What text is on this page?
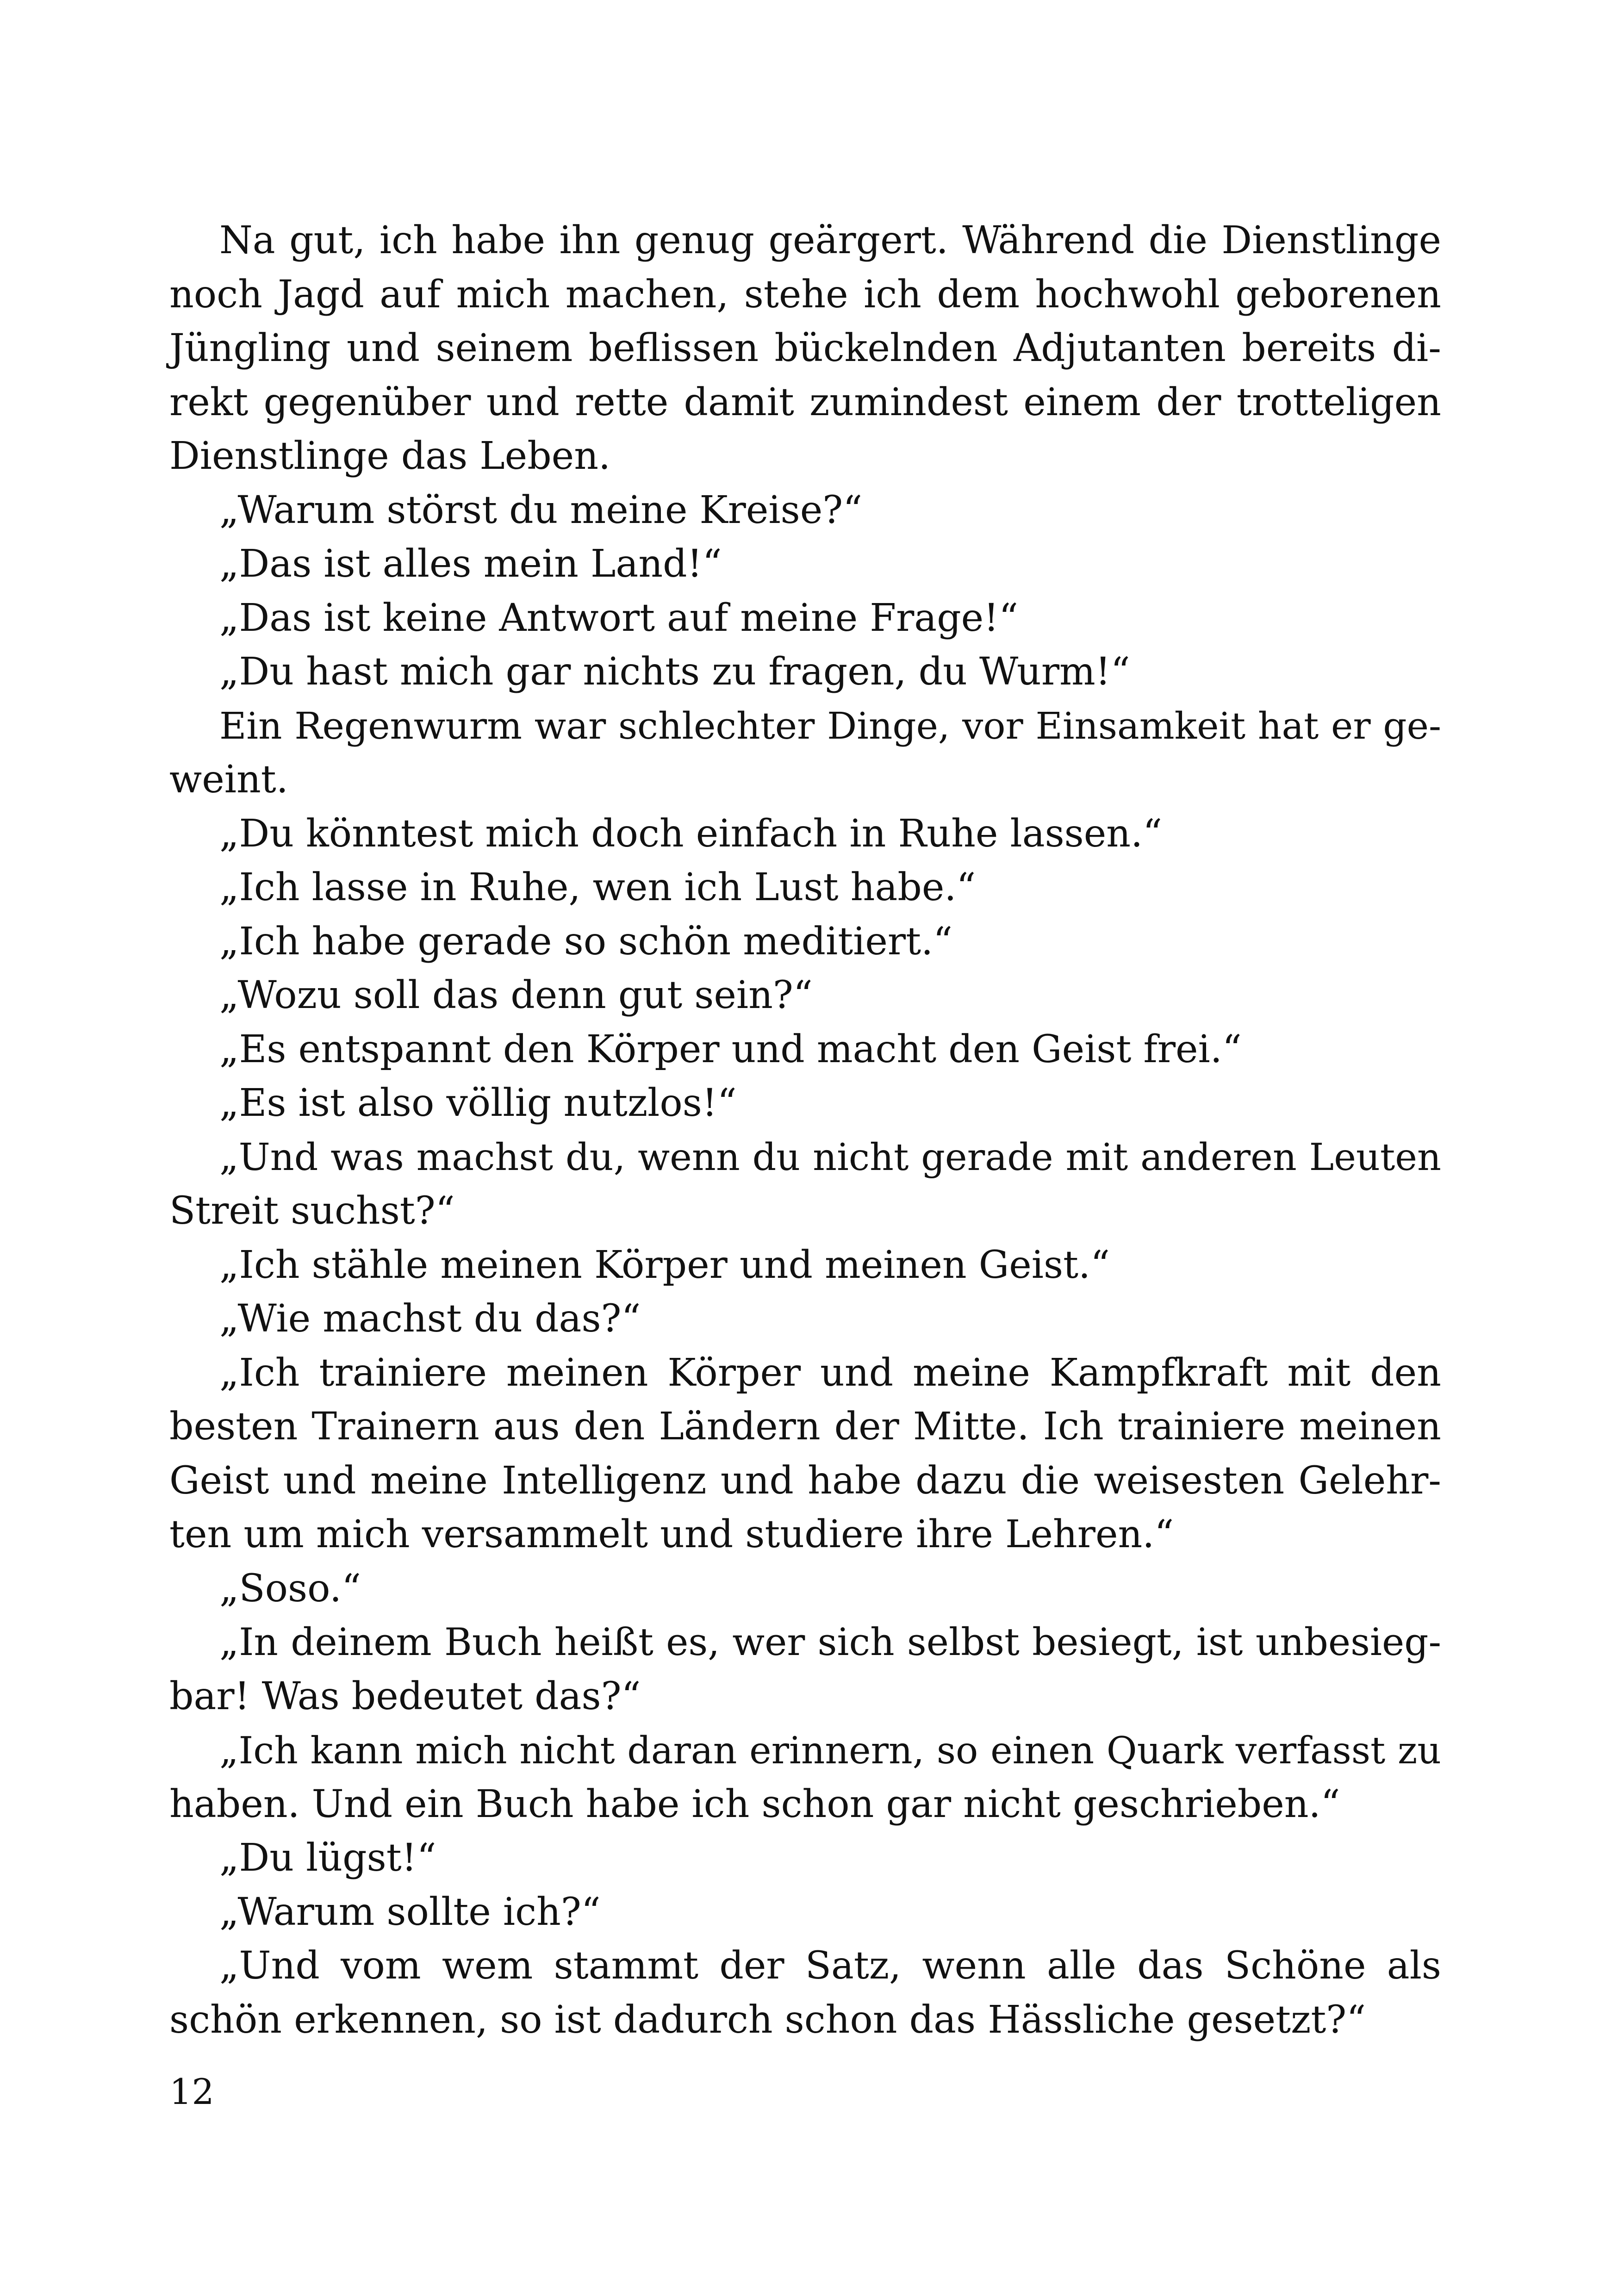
Na gut, ich habe ihn genug geärgert. Während die Dienstlinge
noch Jagd auf mich machen, stehe ich dem hochwohl geborenen
Jüngling und seinem beflissen bückelnden Adjutanten bereits di-
rekt gegenüber und rette damit zumindest einem der trotteligen
Dienstlinge das Leben.
„Warum störst du meine Kreise?“
„Das ist alles mein Land!“
„Das ist keine Antwort auf meine Frage!“
„Du hast mich gar nichts zu fragen, du Wurm!“
Ein Regenwurm war schlechter Dinge, vor Einsamkeit hat er ge-
weint.
„Du könntest mich doch einfach in Ruhe lassen.“
„Ich lasse in Ruhe, wen ich Lust habe.“
„Ich habe gerade so schön meditiert.“
„Wozu soll das denn gut sein?“
„Es entspannt den Körper und macht den Geist frei.“
„Es ist also völlig nutzlos!“
„Und was machst du, wenn du nicht gerade mit anderen Leuten
Streit suchst?“
„Ich stähle meinen Körper und meinen Geist.“
„Wie machst du das?“
„Ich trainiere meinen Körper und meine Kampfkraft mit den
besten Trainern aus den Ländern der Mitte. Ich trainiere meinen
Geist und meine Intelligenz und habe dazu die weisesten Gelehr-
ten um mich versammelt und studiere ihre Lehren.“
„Soso.“
„In deinem Buch heißt es, wer sich selbst besiegt, ist unbesieg-
bar! Was bedeutet das?“
„Ich kann mich nicht daran erinnern, so einen Quark verfasst zu
haben. Und ein Buch habe ich schon gar nicht geschrieben.“
„Du lügst!“
„Warum sollte ich?“
„Und vom wem stammt der Satz, wenn alle das Schöne als
schön erkennen, so ist dadurch schon das Hässliche gesetzt?“
12
